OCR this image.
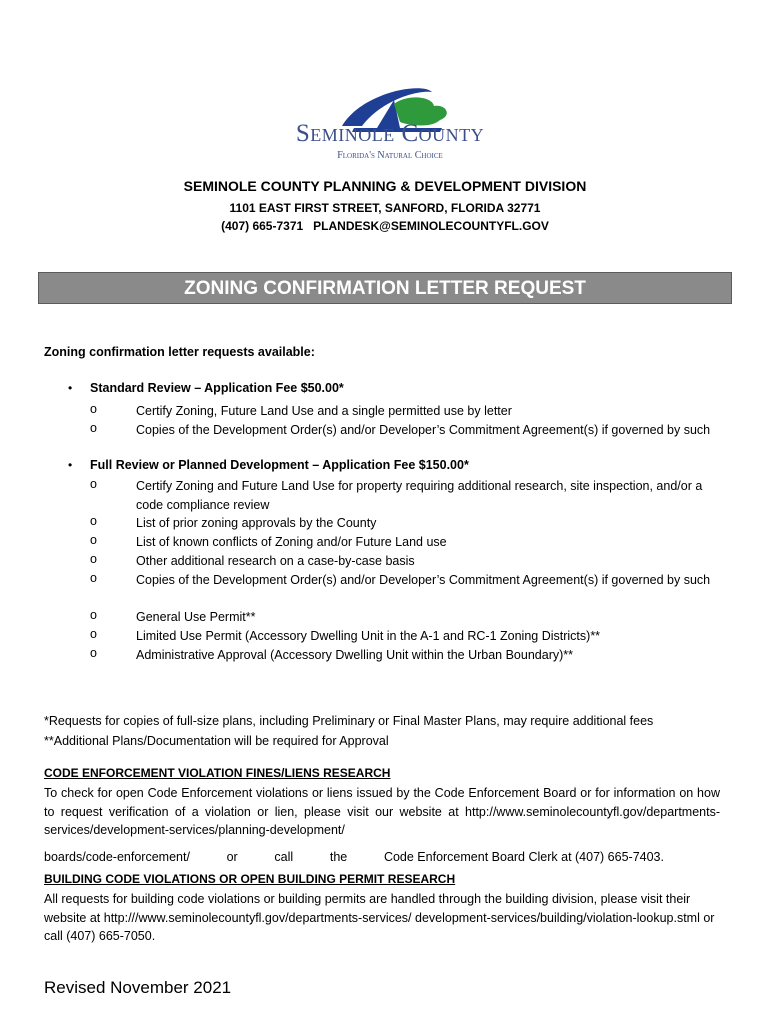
Seminole County
Florida's Natural Choice
SEMINOLE COUNTY PLANNING & DEVELOPMENT DIVISION
1101 EAST FIRST STREET, SANFORD, FLORIDA 32771
(407) 665-7371   PLANDESK@SEMINOLECOUNTYFL.GOV
ZONING CONFIRMATION LETTER REQUEST
Zoning confirmation letter requests available:
• Standard Review – Application Fee $50.00*
o	Certify Zoning, Future Land Use and a single permitted use by letter
o	Copies of the Development Order(s) and/or Developer’s Commitment Agreement(s) if governed by such
• Full Review or Planned Development – Application Fee $150.00*
o	Certify Zoning and Future Land Use for property requiring additional research, site inspection, and/or a code compliance review
o	List of prior zoning approvals by the County
o	List of known conflicts of Zoning and/or Future Land use
o	Other additional research on a case-by-case basis
o	Copies of the Development Order(s) and/or Developer’s Commitment Agreement(s) if governed by such
o	General Use Permit**
o	Limited Use Permit (Accessory Dwelling Unit in the A-1 and RC-1 Zoning Districts)**
o	Administrative Approval (Accessory Dwelling Unit within the Urban Boundary)**
*Requests for copies of full-size plans, including Preliminary or Final Master Plans, may require additional fees
**Additional Plans/Documentation will be required for Approval
CODE ENFORCEMENT VIOLATION FINES/LIENS RESEARCH
To check for open Code Enforcement violations or liens issued by the Code Enforcement Board or for information on how to request verification of a violation or lien, please visit our website at http://www.seminolecountyfl.gov/departments-services/development-services/planning-development/
boards/code-enforcement/	or	call	the	Code Enforcement Board Clerk at (407) 665-7403.
BUILDING CODE VIOLATIONS OR OPEN BUILDING PERMIT RESEARCH
All requests for building code violations or building permits are handled through the building division, please visit their website at http:///www.seminolecountyfl.gov/departments-services/ development-services/building/violation-lookup.stml or call (407) 665-7050.
Revised November 2021
